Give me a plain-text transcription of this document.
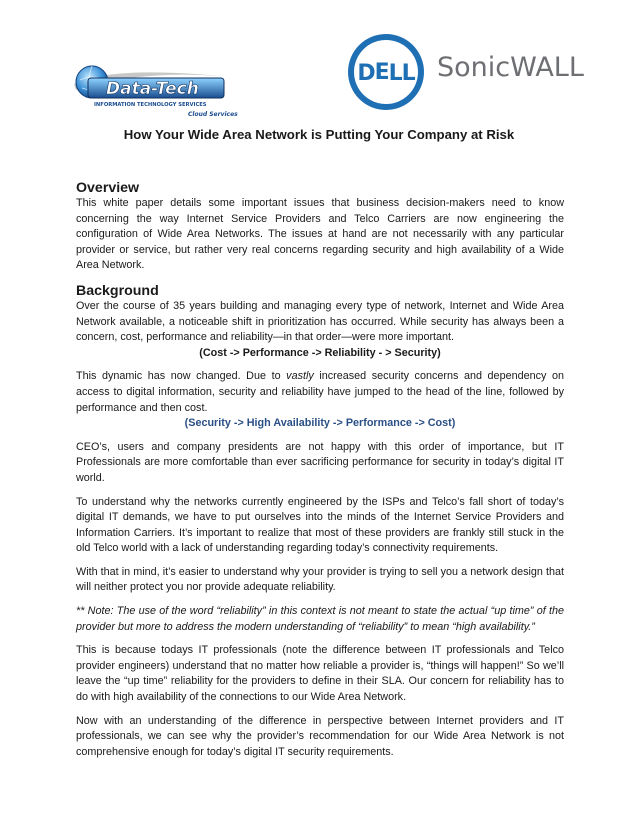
Data-Tech
INFORMATION TECHNOLOGY SERVICES
Cloud Services
DELL SonicWALL
How Your Wide Area Network is Putting Your Company at Risk
Overview

This white paper details some important issues that business decision-makers need to know concerning the way Internet Service Providers and Telco Carriers are now engineering the configuration of Wide Area Networks. The issues at hand are not necessarily with any particular provider or service, but rather very real concerns regarding security and high availability of a Wide Area Network.

Background

Over the course of 35 years building and managing every type of network, Internet and Wide Area Network available, a noticeable shift in prioritization has occurred. While security has always been a concern, cost, performance and reliability—in that order—were more important.

(Cost -> Performance -> Reliability - > Security)

This dynamic has now changed. Due to vastly increased security concerns and dependency on access to digital information, security and reliability have jumped to the head of the line, followed by performance and then cost.

(Security -> High Availability -> Performance -> Cost)

CEO’s, users and company presidents are not happy with this order of importance, but IT Professionals are more comfortable than ever sacrificing performance for security in today’s digital IT world.

To understand why the networks currently engineered by the ISPs and Telco’s fall short of today’s digital IT demands, we have to put ourselves into the minds of the Internet Service Providers and Information Carriers. It’s important to realize that most of these providers are frankly still stuck in the old Telco world with a lack of understanding regarding today’s connectivity requirements.

With that in mind, it’s easier to understand why your provider is trying to sell you a network design that will neither protect you nor provide adequate reliability.

** Note: The use of the word “reliability” in this context is not meant to state the actual “up time” of the provider but more to address the modern understanding of “reliability” to mean “high availability.”

This is because todays IT professionals (note the difference between IT professionals and Telco provider engineers) understand that no matter how reliable a provider is, “things will happen!” So we’ll leave the “up time” reliability for the providers to define in their SLA. Our concern for reliability has to do with high availability of the connections to our Wide Area Network.

Now with an understanding of the difference in perspective between Internet providers and IT professionals, we can see why the provider’s recommendation for our Wide Area Network is not comprehensive enough for today’s digital IT security requirements.
